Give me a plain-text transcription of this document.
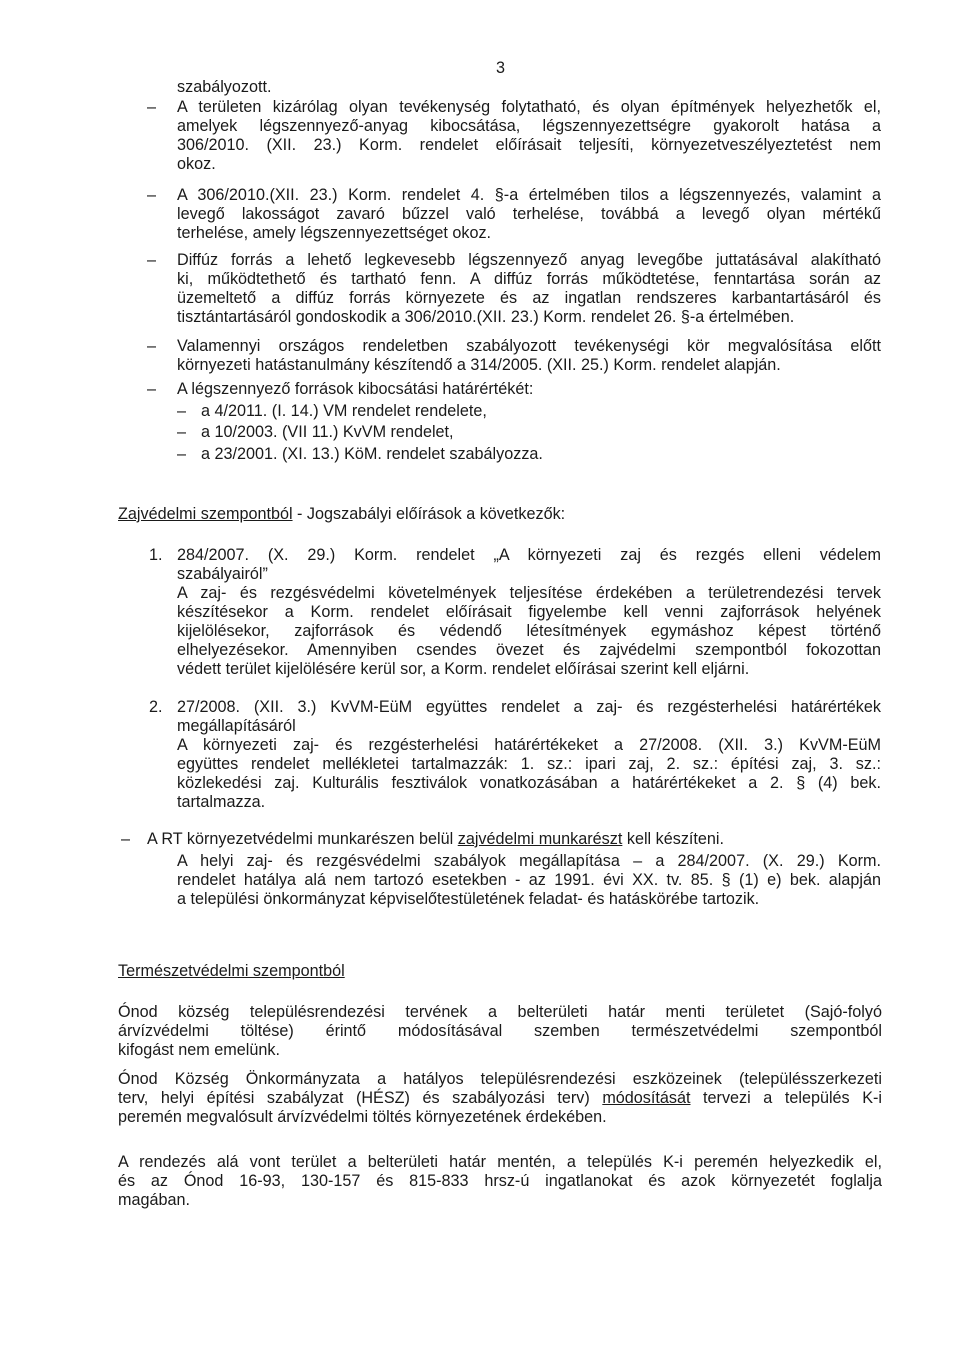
3
szabályozott.
– A területen kizárólag olyan tevékenység folytatható, és olyan építmények helyezhetők el,
amelyek légszennyező-anyag kibocsátása, légszennyezettségre gyakorolt hatása a
306/2010. (XII. 23.) Korm. rendelet előírásait teljesíti, környezetveszélyeztetést nem
okoz.
– A 306/2010.(XII. 23.) Korm. rendelet 4. §-a értelmében tilos a légszennyezés, valamint a
levegő lakosságot zavaró bűzzel való terhelése, továbbá a levegő olyan mértékű
terhelése, amely légszennyezettséget okoz.
– Diffúz forrás a lehető legkevesebb légszennyező anyag levegőbe juttatásával alakítható
ki, működtethető és tartható fenn. A diffúz forrás működtetése, fenntartása során az
üzemeltető a diffúz forrás környezete és az ingatlan rendszeres karbantartásáról és
tisztántartásáról gondoskodik a 306/2010.(XII. 23.) Korm. rendelet 26. §-a értelmében.
– Valamennyi országos rendeletben szabályozott tevékenységi kör megvalósítása előtt
környezeti hatástanulmány készítendő a 314/2005. (XII. 25.) Korm. rendelet alapján.
– A légszennyező források kibocsátási határértékét:
– a 4/2011. (I. 14.) VM rendelet rendelete,
– a 10/2003. (VII 11.) KvVM rendelet,
– a 23/2001. (XI. 13.) KöM. rendelet szabályozza.
Zajvédelmi szempontból - Jogszabályi előírások a következők:
1. 284/2007. (X. 29.) Korm. rendelet „A környezeti zaj és rezgés elleni védelem
szabályairól”
A zaj- és rezgésvédelmi követelmények teljesítése érdekében a területrendezési tervek
készítésekor a Korm. rendelet előírásait figyelembe kell venni zajforrások helyének
kijelölésekor, zajforrások és védendő létesítmények egymáshoz képest történő
elhelyezésekor. Amennyiben csendes övezet és zajvédelmi szempontból fokozottan
védett terület kijelölésére kerül sor, a Korm. rendelet előírásai szerint kell eljárni.
2. 27/2008. (XII. 3.) KvVM-EüM együttes rendelet a zaj- és rezgésterhelési határértékek
megállapításáról
A környezeti zaj- és rezgésterhelési határértékeket a 27/2008. (XII. 3.) KvVM-EüM
együttes rendelet mellékletei tartalmazzák: 1. sz.: ipari zaj, 2. sz.: építési zaj, 3. sz.:
közlekedési zaj. Kulturális fesztiválok vonatkozásában a határértékeket a 2. § (4) bek.
tartalmazza.
– A RT környezetvédelmi munkarészen belül zajvédelmi munkarészt kell készíteni.
A helyi zaj- és rezgésvédelmi szabályok megállapítása – a 284/2007. (X. 29.) Korm.
rendelet hatálya alá nem tartozó esetekben - az 1991. évi XX. tv. 85. § (1) e) bek. alapján
a települési önkormányzat képviselőtestületének feladat- és hatáskörébe tartozik.
Természetvédelmi szempontból
Ónod község településrendezési tervének a belterületi határ menti területet (Sajó-folyó
árvízvédelmi töltése) érintő módosításával szemben természetvédelmi szempontból
kifogást nem emelünk.
Ónod Község Önkormányzata a hatályos településrendezési eszközeinek (településszerkezeti
terv, helyi építési szabályzat (HÉSZ) és szabályozási terv) módosítását tervezi a település K-i
peremén megvalósult árvízvédelmi töltés környezetének érdekében.
A rendezés alá vont terület a belterületi határ mentén, a település K-i peremén helyezkedik el,
és az Ónod 16-93, 130-157 és 815-833 hrsz-ú ingatlanokat és azok környezetét foglalja
magában.
